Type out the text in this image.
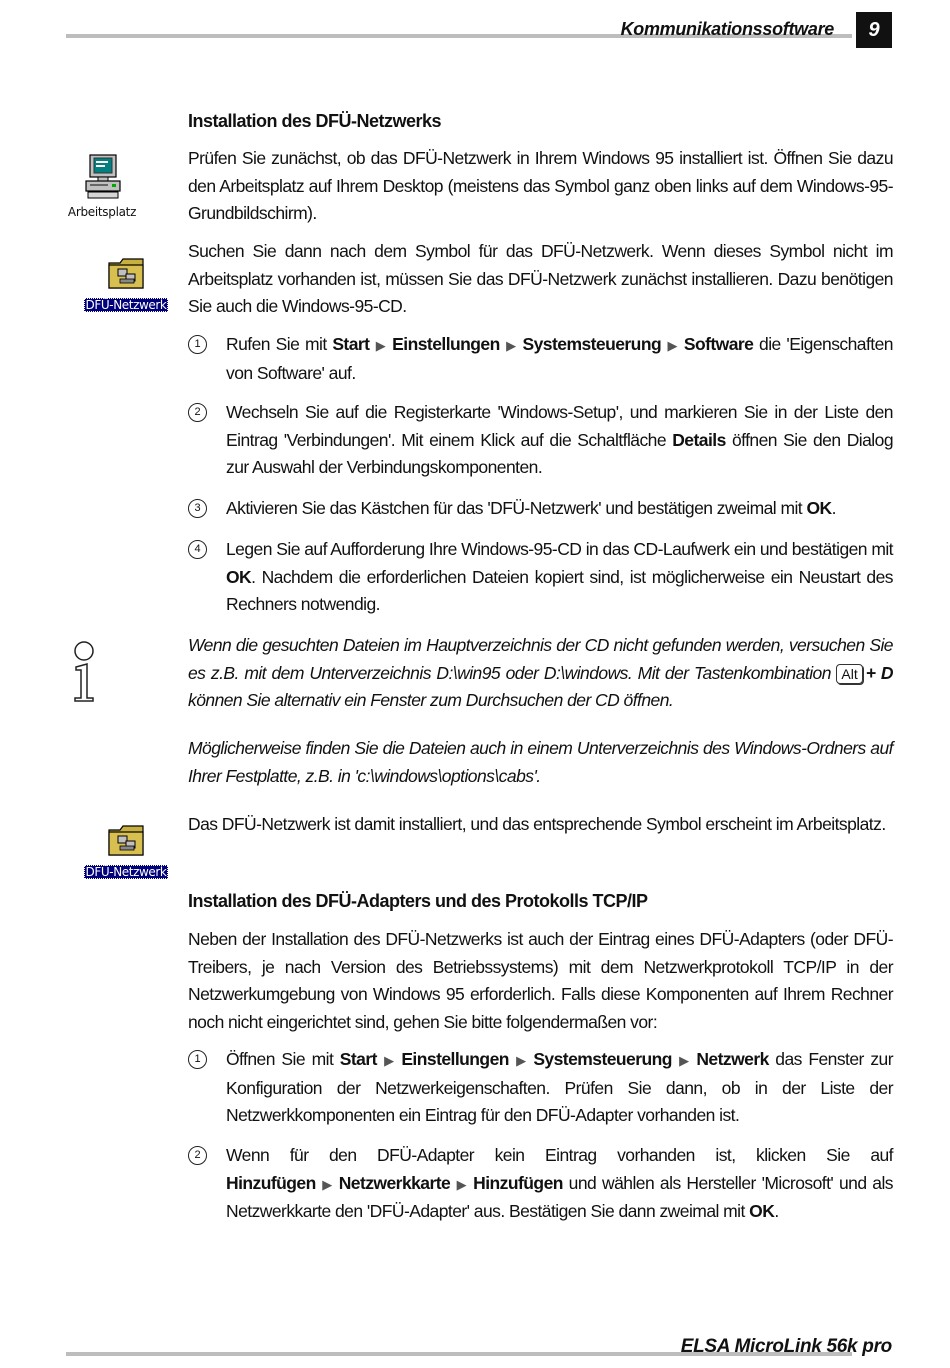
Kommunikationssoftware	9
Arbeitsplatz
DFÜ-Netzwerk
DFÜ-Netzwerk

Installation des DFÜ-Netzwerks

Prüfen Sie zunächst, ob das DFÜ-Netzwerk in Ihrem Windows 95 installiert ist. Öffnen Sie dazu den Arbeitsplatz auf Ihrem Desktop (meistens das Symbol ganz oben links auf dem Windows-95-Grundbildschirm).

Suchen Sie dann nach dem Symbol für das DFÜ-Netzwerk. Wenn dieses Symbol nicht im Arbeitsplatz vorhanden ist, müssen Sie das DFÜ-Netzwerk zunächst installieren. Dazu benötigen Sie auch die Windows-95-CD.

1	Rufen Sie mit Start ▶ Einstellungen ▶ Systemsteuerung ▶ Software die 'Eigenschaften von Software' auf.
2	Wechseln Sie auf die Registerkarte 'Windows-Setup', und markieren Sie in der Liste den Eintrag 'Verbindungen'. Mit einem Klick auf die Schaltfläche Details öffnen Sie den Dialog zur Auswahl der Verbindungskomponenten.
3	Aktivieren Sie das Kästchen für das 'DFÜ-Netzwerk' und bestätigen zweimal mit OK.
4	Legen Sie auf Aufforderung Ihre Windows-95-CD in das CD-Laufwerk ein und bestätigen mit OK. Nachdem die erforderlichen Dateien kopiert sind, ist möglicherweise ein Neustart des Rechners notwendig.

Wenn die gesuchten Dateien im Hauptverzeichnis der CD nicht gefunden werden, versuchen Sie es z.B. mit dem Unterverzeichnis D:\win95 oder D:\windows. Mit der Tastenkombination Alt + D können Sie alternativ ein Fenster zum Durchsuchen der CD öffnen.

Möglicherweise finden Sie die Dateien auch in einem Unterverzeichnis des Windows-Ordners auf Ihrer Festplatte, z.B. in 'c:\windows\options\cabs'.

Das DFÜ-Netzwerk ist damit installiert, und das entsprechende Symbol erscheint im Arbeitsplatz.

Installation des DFÜ-Adapters und des Protokolls TCP/IP

Neben der Installation des DFÜ-Netzwerks ist auch der Eintrag eines DFÜ-Adapters (oder DFÜ-Treibers, je nach Version des Betriebssystems) mit dem Netzwerkprotokoll TCP/IP in der Netzwerkumgebung von Windows 95 erforderlich. Falls diese Komponenten auf Ihrem Rechner noch nicht eingerichtet sind, gehen Sie bitte folgendermaßen vor:

1	Öffnen Sie mit Start ▶ Einstellungen ▶ Systemsteuerung ▶ Netzwerk das Fenster zur Konfiguration der Netzwerkeigenschaften. Prüfen Sie dann, ob in der Liste der Netzwerkkomponenten ein Eintrag für den DFÜ-Adapter vorhanden ist.
2	Wenn für den DFÜ-Adapter kein Eintrag vorhanden ist, klicken Sie auf Hinzufügen ▶ Netzwerkkarte ▶ Hinzufügen und wählen als Hersteller 'Microsoft' und als Netzwerkkarte den 'DFÜ-Adapter' aus. Bestätigen Sie dann zweimal mit OK.
ELSA MicroLink 56k pro
